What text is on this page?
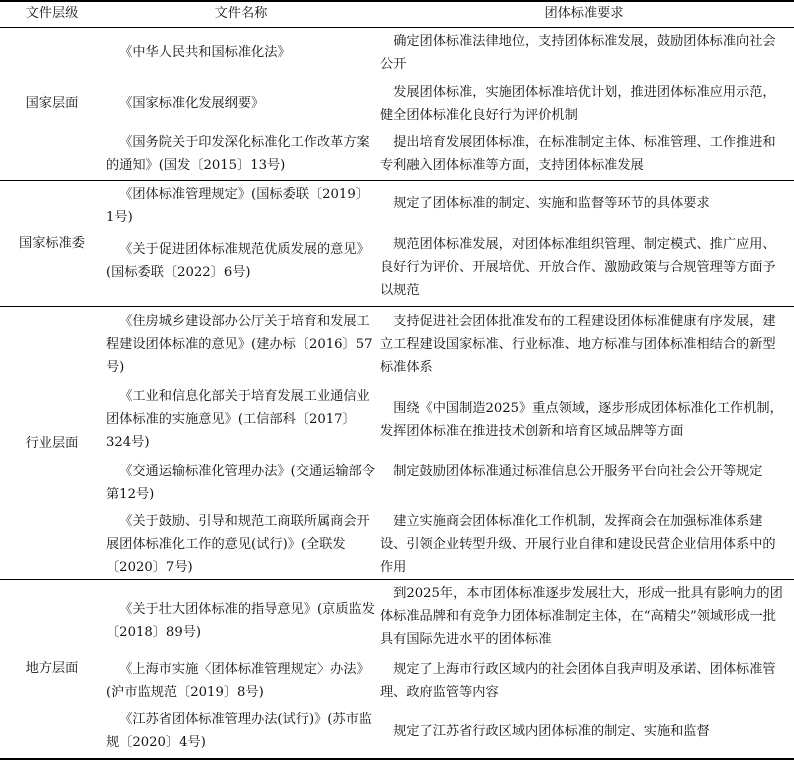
文件层级	文件名称	团体标准要求
国家层面
国家标准委
行业层面
地方层面
《中华人民共和国标准化法》
确定团体标准法律地位，支持团体标准发展，鼓励团体标准向社会公开
《国家标准化发展纲要》
发展团体标准，实施团体标准培优计划，推进团体标准应用示范，健全团体标准化良好行为评价机制
《国务院关于印发深化标准化工作改革方案的通知》(国发〔2015〕13号)
提出培育发展团体标准，在标准制定主体、标准管理、工作推进和专利融入团体标准等方面，支持团体标准发展
《团体标准管理规定》(国标委联〔2019〕1号)
规定了团体标准的制定、实施和监督等环节的具体要求
《关于促进团体标准规范优质发展的意见》(国标委联〔2022〕6号)
规范团体标准发展，对团体标准组织管理、制定模式、推广应用、良好行为评价、开展培优、开放合作、激励政策与合规管理等方面予以规范
《住房城乡建设部办公厅关于培育和发展工程建设团体标准的意见》(建办标〔2016〕57号)
支持促进社会团体批准发布的工程建设团体标准健康有序发展，建立工程建设国家标准、行业标准、地方标准与团体标准相结合的新型标准体系
《工业和信息化部关于培育发展工业通信业团体标准的实施意见》(工信部科〔2017〕324号)
围绕《中国制造2025》重点领域，逐步形成团体标准化工作机制，发挥团体标准在推进技术创新和培育区域品牌等方面
《交通运输标准化管理办法》(交通运输部令第12号)
制定鼓励团体标准通过标准信息公开服务平台向社会公开等规定
《关于鼓励、引导和规范工商联所属商会开展团体标准化工作的意见(试行)》(全联发〔2020〕7号)
建立实施商会团体标准化工作机制，发挥商会在加强标准体系建设、引领企业转型升级、开展行业自律和建设民营企业信用体系中的作用
《关于壮大团体标准的指导意见》(京质监发〔2018〕89号)
到2025年，本市团体标准逐步发展壮大，形成一批具有影响力的团体标准品牌和有竞争力团体标准制定主体，在“高精尖”领域形成一批具有国际先进水平的团体标准
《上海市实施〈团体标准管理规定〉办法》(沪市监规范〔2019〕8号)
规定了上海市行政区域内的社会团体自我声明及承诺、团体标准管理、政府监管等内容
《江苏省团体标准管理办法(试行)》(苏市监规〔2020〕4号)
规定了江苏省行政区域内团体标准的制定、实施和监督
